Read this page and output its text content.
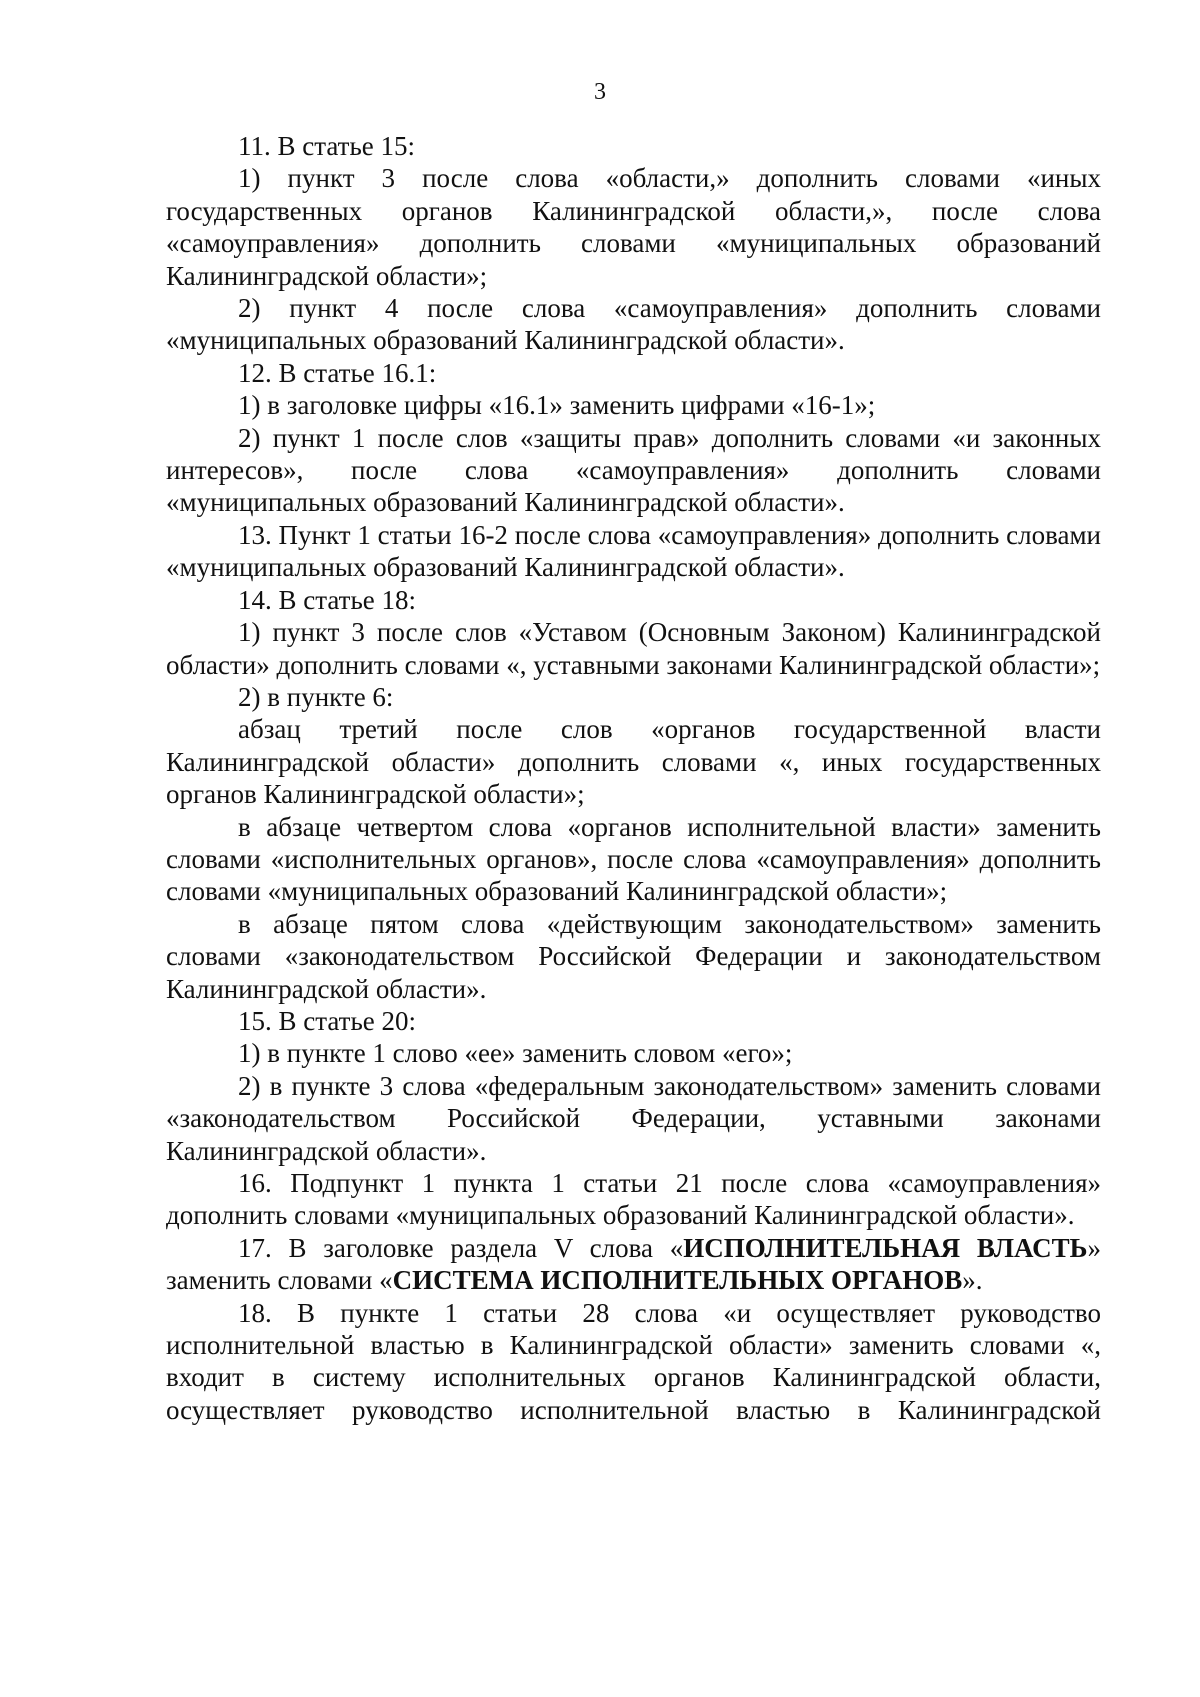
3

11. В статье 15:

1) пункт 3 после слова «области,» дополнить словами «иных государственных органов Калининградской области,», после слова «самоуправления» дополнить словами «муниципальных образований Калининградской области»;

2) пункт 4 после слова «самоуправления» дополнить словами «муниципальных образований Калининградской области».

12. В статье 16.1:

1) в заголовке цифры «16.1» заменить цифрами «16-1»;

2) пункт 1 после слов «защиты прав» дополнить словами «и законных интересов», после слова «самоуправления» дополнить словами «муниципальных образований Калининградской области».

13. Пункт 1 статьи 16-2 после слова «самоуправления» дополнить словами «муниципальных образований Калининградской области».

14. В статье 18:

1) пункт 3 после слов «Уставом (Основным Законом) Калининградской области» дополнить словами «, уставными законами Калининградской области»;

2) в пункте 6:

абзац третий после слов «органов государственной власти Калининградской области» дополнить словами «, иных государственных органов Калининградской области»;

в абзаце четвертом слова «органов исполнительной власти» заменить словами «исполнительных органов», после слова «самоуправления» дополнить словами «муниципальных образований Калининградской области»;

в абзаце пятом слова «действующим законодательством» заменить словами «законодательством Российской Федерации и законодательством Калининградской области».

15. В статье 20:

1) в пункте 1 слово «ее» заменить словом «его»;

2) в пункте 3 слова «федеральным законодательством» заменить словами «законодательством Российской Федерации, уставными законами Калининградской области».

16. Подпункт 1 пункта 1 статьи 21 после слова «самоуправления» дополнить словами «муниципальных образований Калининградской области».

17. В заголовке раздела V слова «ИСПОЛНИТЕЛЬНАЯ ВЛАСТЬ» заменить словами «СИСТЕМА ИСПОЛНИТЕЛЬНЫХ ОРГАНОВ».

18. В пункте 1 статьи 28 слова «и осуществляет руководство исполнительной властью в Калининградской области» заменить словами «, входит в систему исполнительных органов Калининградской области, осуществляет руководство исполнительной властью в Калининградской
